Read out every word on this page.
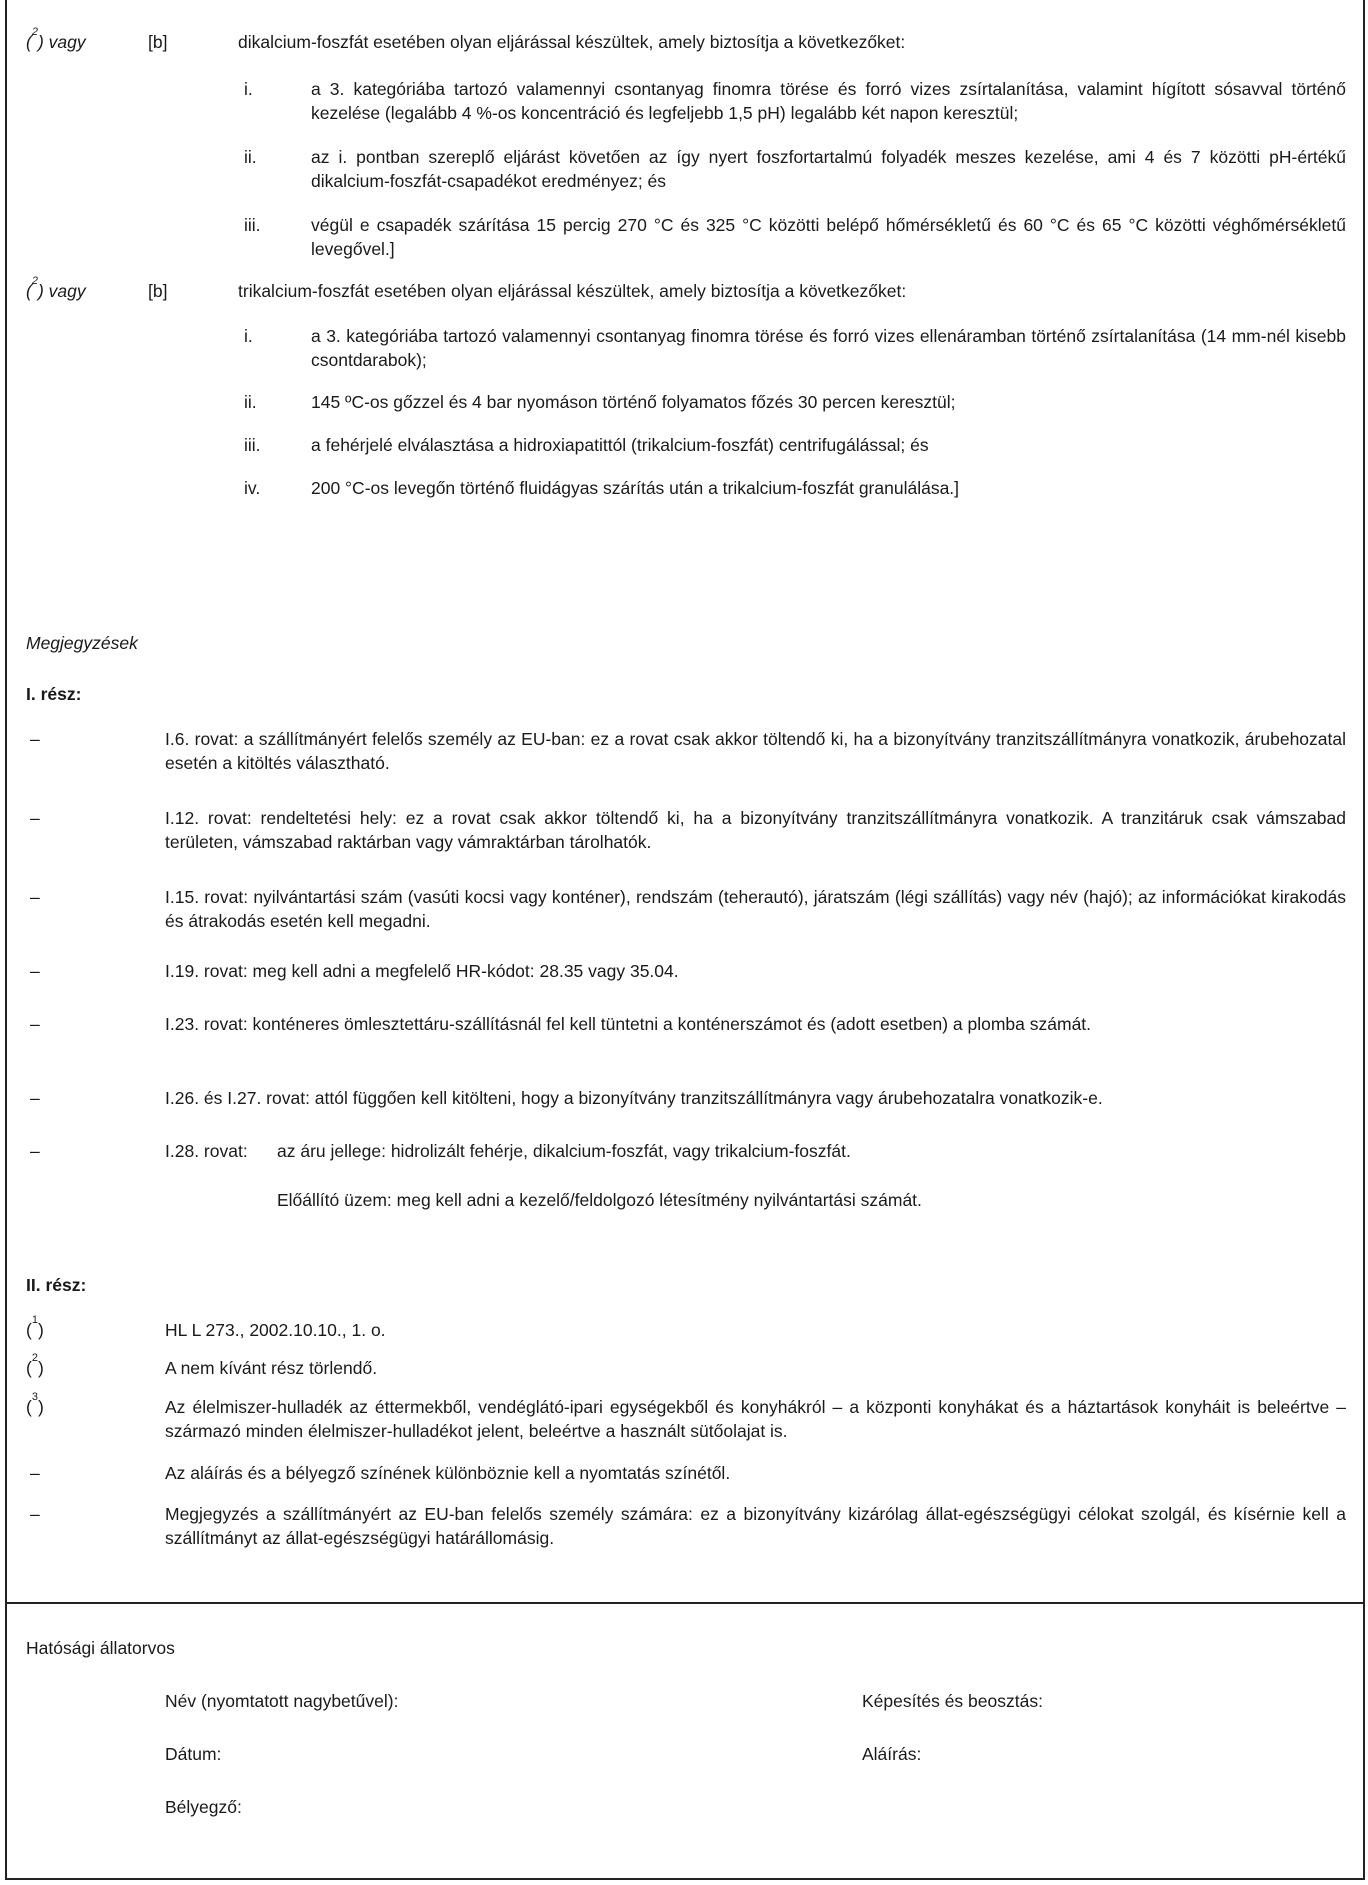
($^2$) vagy	[b]	dikalcium-foszfát esetében olyan eljárással készültek, amely biztosítja a következőket:
i.	a 3. kategóriába tartozó valamennyi csontanyag finomra törése és forró vizes zsírtalanítása, valamint hígított sósavval történő kezelése (legalább 4 %-os koncentráció és legfeljebb 1,5 pH) legalább két napon keresztül;
ii.	az i. pontban szereplő eljárást követően az így nyert foszfortartalmú folyadék meszes kezelése, ami 4 és 7 közötti pH-értékű dikalcium-foszfát-csapadékot eredményez; és
iii.	végül e csapadék szárítása 15 percig 270 °C és 325 °C közötti belépő hőmérsékletű és 60 °C és 65 °C közötti véghőmérsékletű levegővel.]
($^2$) vagy	[b]	trikalcium-foszfát esetében olyan eljárással készültek, amely biztosítja a következőket:
i.	a 3. kategóriába tartozó valamennyi csontanyag finomra törése és forró vizes ellenáramban történő zsírtalanítása (14 mm-nél kisebb csontdarabok);
ii.	145 ºC-os gőzzel és 4 bar nyomáson történő folyamatos főzés 30 percen keresztül;
iii.	a fehérjelé elválasztása a hidroxiapatittól (trikalcium-foszfát) centrifugálással; és
iv.	200 °C-os levegőn történő fluidágyas szárítás után a trikalcium-foszfát granulálása.]
Megjegyzések
I. rész:
–	I.6. rovat: a szállítmányért felelős személy az EU-ban: ez a rovat csak akkor töltendő ki, ha a bizonyítvány tranzitszállítmányra vonatkozik, árubehozatal esetén a kitöltés választható.
–	I.12. rovat: rendeltetési hely: ez a rovat csak akkor töltendő ki, ha a bizonyítvány tranzitszállítmányra vonatkozik. A tranzitáruk csak vámszabad területen, vámszabad raktárban vagy vámraktárban tárolhatók.
–	I.15. rovat: nyilvántartási szám (vasúti kocsi vagy konténer), rendszám (teherautó), járatszám (légi szállítás) vagy név (hajó); az információkat kirakodás és átrakodás esetén kell megadni.
–	I.19. rovat: meg kell adni a megfelelő HR-kódot: 28.35 vagy 35.04.
–	I.23. rovat: konténeres ömlesztettáru-szállításnál fel kell tüntetni a konténerszámot és (adott esetben) a plomba számát.
–	I.26. és I.27. rovat: attól függően kell kitölteni, hogy a bizonyítvány tranzitszállítmányra vagy árubehozatalra vonatkozik-e.
–	I.28. rovat: az áru jellege: hidrolizált fehérje, dikalcium-foszfát, vagy trikalcium-foszfát.
Előállító üzem: meg kell adni a kezelő/feldolgozó létesítmény nyilvántartási számát.
II. rész:
($^1$)	HL L 273., 2002.10.10., 1. o.
($^2$)	A nem kívánt rész törlendő.
($^3$)	Az élelmiszer-hulladék az éttermekből, vendéglátó-ipari egységekből és konyhákról – a központi konyhákat és a háztartások konyháit is beleértve – származó minden élelmiszer-hulladékot jelent, beleértve a használt sütőolajat is.
–	Az aláírás és a bélyegző színének különböznie kell a nyomtatás színétől.
–	Megjegyzés a szállítmányért az EU-ban felelős személy számára: ez a bizonyítvány kizárólag állat-egészségügyi célokat szolgál, és kísérnie kell a szállítmányt az állat-egészségügyi határállomásig.
Hatósági állatorvos
Név (nyomtatott nagybetűvel):	Képesítés és beosztás:
Dátum:	Aláírás:
Bélyegző:
